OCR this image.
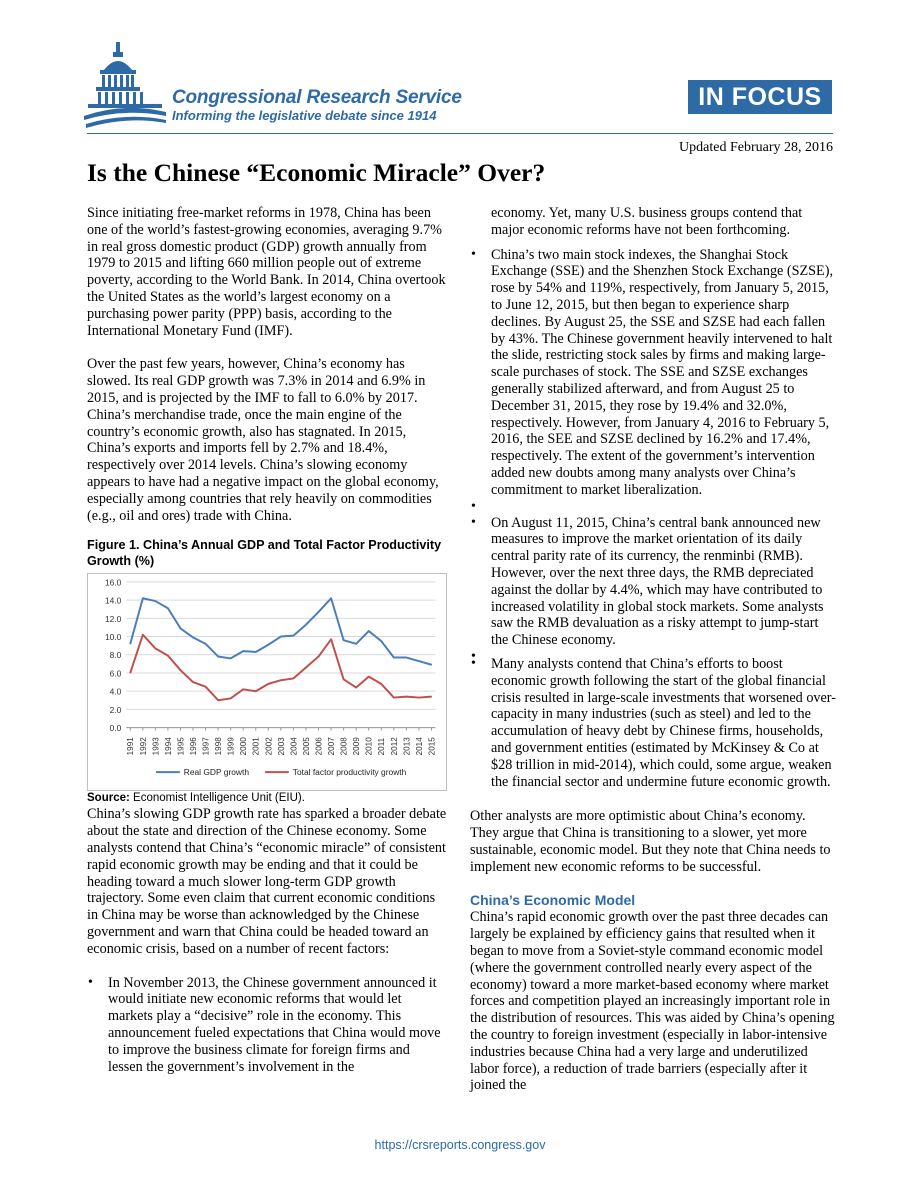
Congressional Research Service
Informing the legislative debate since 1914
IN FOCUS
Updated February 28, 2016
Is the Chinese “Economic Miracle” Over?

Since initiating free-market reforms in 1978, China has been one of the world’s fastest-growing economies, averaging 9.7% in real gross domestic product (GDP) growth annually from 1979 to 2015 and lifting 660 million people out of extreme poverty, according to the World Bank. In 2014, China overtook the United States as the world’s largest economy on a purchasing power parity (PPP) basis, according to the International Monetary Fund (IMF).

Over the past few years, however, China’s economy has slowed. Its real GDP growth was 7.3% in 2014 and 6.9% in 2015, and is projected by the IMF to fall to 6.0% by 2017. China’s merchandise trade, once the main engine of the country’s economic growth, also has stagnated. In 2015, China’s exports and imports fell by 2.7% and 18.4%, respectively over 2014 levels. China’s slowing economy appears to have had a negative impact on the global economy, especially among countries that rely heavily on commodities (e.g., oil and ores) trade with China.

Figure 1. China’s Annual GDP and Total Factor Productivity Growth (%)
0.0
2.0
4.0
6.0
8.0
10.0
12.0
14.0
16.0
1991 1992 1993 1994 1995 1996 1997 1998 1999 2000 2001 2002 2003 2004 2005 2006 2007 2008 2009 2010 2011 2012 2013 2014 2015
Real GDP growth	Total factor productivity growth
Source: Economist Intelligence Unit (EIU).

China’s slowing GDP growth rate has sparked a broader debate about the state and direction of the Chinese economy. Some analysts contend that China’s “economic miracle” of consistent rapid economic growth may be ending and that it could be heading toward a much slower long-term GDP growth trajectory. Some even claim that current economic conditions in China may be worse than acknowledged by the Chinese government and warn that China could be headed toward an economic crisis, based on a number of recent factors:

• In November 2013, the Chinese government announced it would initiate new economic reforms that would let markets play a “decisive” role in the economy. This announcement fueled expectations that China would move to improve the business climate for foreign firms and lessen the government’s involvement in the

economy. Yet, many U.S. business groups contend that major economic reforms have not been forthcoming.

• China’s two main stock indexes, the Shanghai Stock Exchange (SSE) and the Shenzhen Stock Exchange (SZSE), rose by 54% and 119%, respectively, from January 5, 2015, to June 12, 2015, but then began to experience sharp declines. By August 25, the SSE and SZSE had each fallen by 43%. The Chinese government heavily intervened to halt the slide, restricting stock sales by firms and making large-scale purchases of stock. The SSE and SZSE exchanges generally stabilized afterward, and from August 25 to December 31, 2015, they rose by 19.4% and 32.0%, respectively. However, from January 4, 2016 to February 5, 2016, the SEE and SZSE declined by 16.2% and 17.4%, respectively. The extent of the government’s intervention added new doubts among many analysts over China’s commitment to market liberalization.
•
• On August 11, 2015, China’s central bank announced new measures to improve the market orientation of its daily central parity rate of its currency, the renminbi (RMB). However, over the next three days, the RMB depreciated against the dollar by 4.4%, which may have contributed to increased volatility in global stock markets. Some analysts saw the RMB devaluation as a risky attempt to jump-start the Chinese economy.
•
• Many analysts contend that China’s efforts to boost economic growth following the start of the global financial crisis resulted in large-scale investments that worsened over-capacity in many industries (such as steel) and led to the accumulation of heavy debt by Chinese firms, households, and government entities (estimated by McKinsey & Co at $28 trillion in mid-2014), which could, some argue, weaken the financial sector and undermine future economic growth.

Other analysts are more optimistic about China’s economy. They argue that China is transitioning to a slower, yet more sustainable, economic model. But they note that China needs to implement new economic reforms to be successful.

China’s Economic Model

China’s rapid economic growth over the past three decades can largely be explained by efficiency gains that resulted when it began to move from a Soviet-style command economic model (where the government controlled nearly every aspect of the economy) toward a more market-based economy where market forces and competition played an increasingly important role in the distribution of resources. This was aided by China’s opening the country to foreign investment (especially in labor-intensive industries because China had a very large and underutilized labor force), a reduction of trade barriers (especially after it joined the

https://crsreports.congress.gov
